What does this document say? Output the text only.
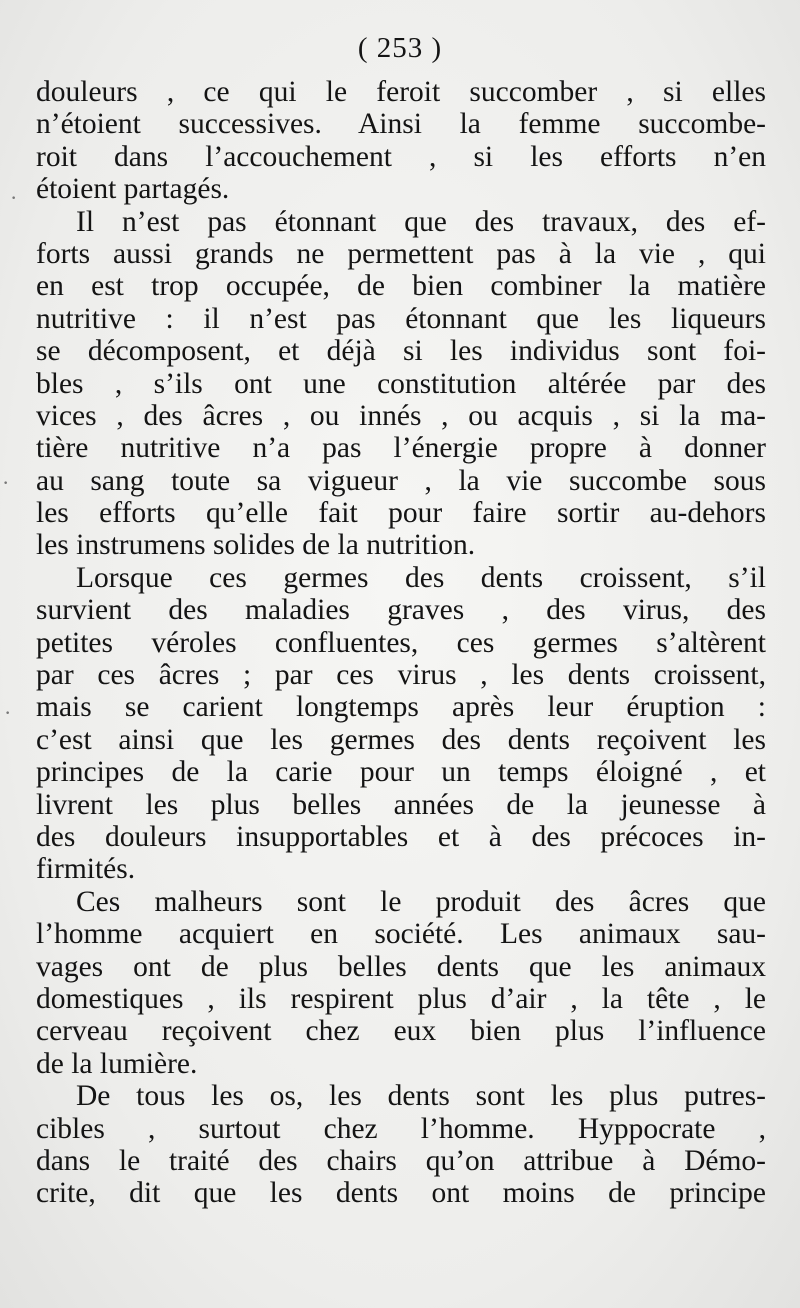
( 253 )
douleurs , ce qui le feroit succomber , si elles
n’étoient successives. Ainsi la femme succombe-
roit dans l’accouchement , si les efforts n’en
étoient partagés.
Il n’est pas étonnant que des travaux, des ef-
forts aussi grands ne permettent pas à la vie , qui
en est trop occupée, de bien combiner la matière
nutritive : il n’est pas étonnant que les liqueurs
se décomposent, et déjà si les individus sont foi-
bles , s’ils ont une constitution altérée par des
vices , des âcres , ou innés , ou acquis , si la ma-
tière nutritive n’a pas l’énergie propre à donner
au sang toute sa vigueur , la vie succombe sous
les efforts qu’elle fait pour faire sortir au-dehors
les instrumens solides de la nutrition.
Lorsque ces germes des dents croissent, s’il
survient des maladies graves , des virus, des
petites véroles confluentes, ces germes s’altèrent
par ces âcres ; par ces virus , les dents croissent,
mais se carient longtemps après leur éruption :
c’est ainsi que les germes des dents reçoivent les
principes de la carie pour un temps éloigné , et
livrent les plus belles années de la jeunesse à
des douleurs insupportables et à des précoces in-
firmités.
Ces malheurs sont le produit des âcres que
l’homme acquiert en société. Les animaux sau-
vages ont de plus belles dents que les animaux
domestiques , ils respirent plus d’air , la tête , le
cerveau reçoivent chez eux bien plus l’influence
de la lumière.
De tous les os, les dents sont les plus putres-
cibles , surtout chez l’homme. Hyppocrate ,
dans le traité des chairs qu’on attribue à Démo-
crite, dit que les dents ont moins de principe
·
·
·
